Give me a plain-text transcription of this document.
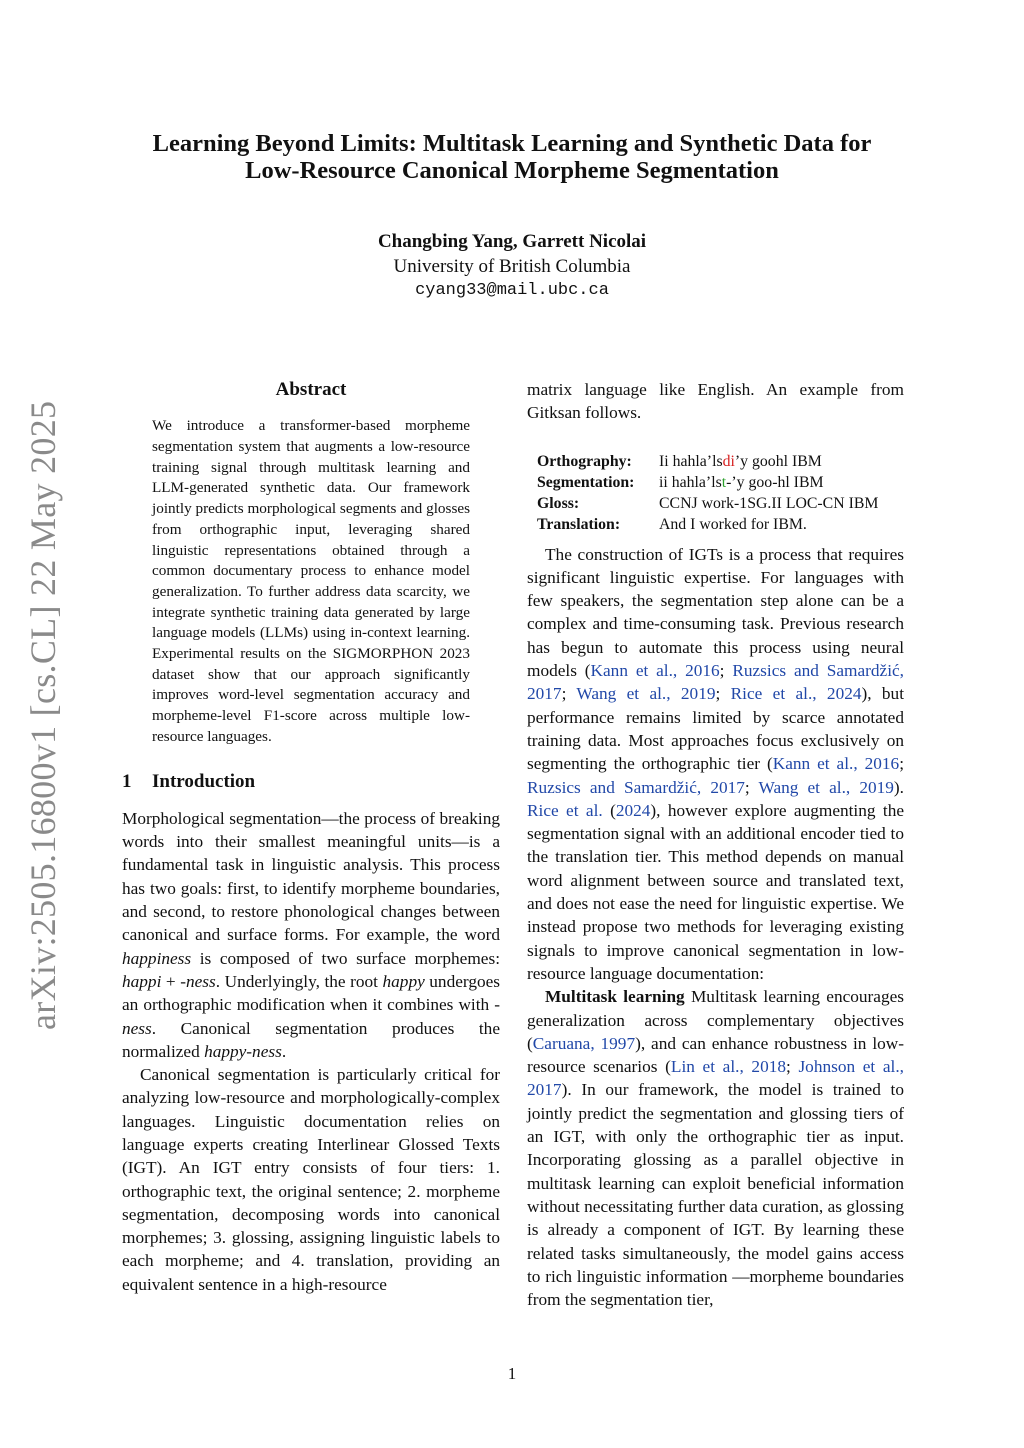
arXiv:2505.16800v1 [cs.CL] 22 May 2025
Learning Beyond Limits: Multitask Learning and Synthetic Data for
Low-Resource Canonical Morpheme Segmentation
Changbing Yang, Garrett Nicolai
University of British Columbia
cyang33@mail.ubc.ca
Abstract

We introduce a transformer-based morpheme segmentation system that augments a low-resource training signal through multitask learning and LLM-generated synthetic data. Our framework jointly predicts morphological segments and glosses from orthographic input, leveraging shared linguistic representations obtained through a common documentary process to enhance model generalization. To further address data scarcity, we integrate synthetic training data generated by large language models (LLMs) using in-context learning. Experimental results on the SIGMORPHON 2023 dataset show that our approach significantly improves word-level segmentation accuracy and morpheme-level F1-score across multiple low-resource languages.

1 Introduction

Morphological segmentation—the process of breaking words into their smallest meaningful units—is a fundamental task in linguistic analysis. This process has two goals: first, to identify morpheme boundaries, and second, to restore phonological changes between canonical and surface forms. For example, the word happiness is composed of two surface morphemes: happi + -ness. Underlyingly, the root happy undergoes an orthographic modification when it combines with -ness. Canonical segmentation produces the normalized happy-ness.

Canonical segmentation is particularly critical for analyzing low-resource and morphologically-complex languages. Linguistic documentation relies on language experts creating Interlinear Glossed Texts (IGT). An IGT entry consists of four tiers: 1. orthographic text, the original sentence; 2. morpheme segmentation, decomposing words into canonical morphemes; 3. glossing, assigning linguistic labels to each morpheme; and 4. translation, providing an equivalent sentence in a high-resource

matrix language like English. An example from Gitksan follows.

Orthography:	Ii hahla’lsdi’y goohl IBM
Segmentation:	ii hahla’lst-’y goo-hl IBM
Gloss:	CCNJ work-1SG.II LOC-CN IBM
Translation:	And I worked for IBM.

The construction of IGTs is a process that requires significant linguistic expertise. For languages with few speakers, the segmentation step alone can be a complex and time-consuming task. Previous research has begun to automate this process using neural models (Kann et al., 2016; Ruzsics and Samardžić, 2017; Wang et al., 2019; Rice et al., 2024), but performance remains limited by scarce annotated training data. Most approaches focus exclusively on segmenting the orthographic tier (Kann et al., 2016; Ruzsics and Samardžić, 2017; Wang et al., 2019). Rice et al. (2024), however explore augmenting the segmentation signal with an additional encoder tied to the translation tier. This method depends on manual word alignment between source and translated text, and does not ease the need for linguistic expertise. We instead propose two methods for leveraging existing signals to improve canonical segmentation in low-resource language documentation:

Multitask learning Multitask learning encourages generalization across complementary objectives (Caruana, 1997), and can enhance robustness in low-resource scenarios (Lin et al., 2018; Johnson et al., 2017). In our framework, the model is trained to jointly predict the segmentation and glossing tiers of an IGT, with only the orthographic tier as input. Incorporating glossing as a parallel objective in multitask learning can exploit beneficial information without necessitating further data curation, as glossing is already a component of IGT. By learning these related tasks simultaneously, the model gains access to rich linguistic information —morpheme boundaries from the segmentation tier,

1
